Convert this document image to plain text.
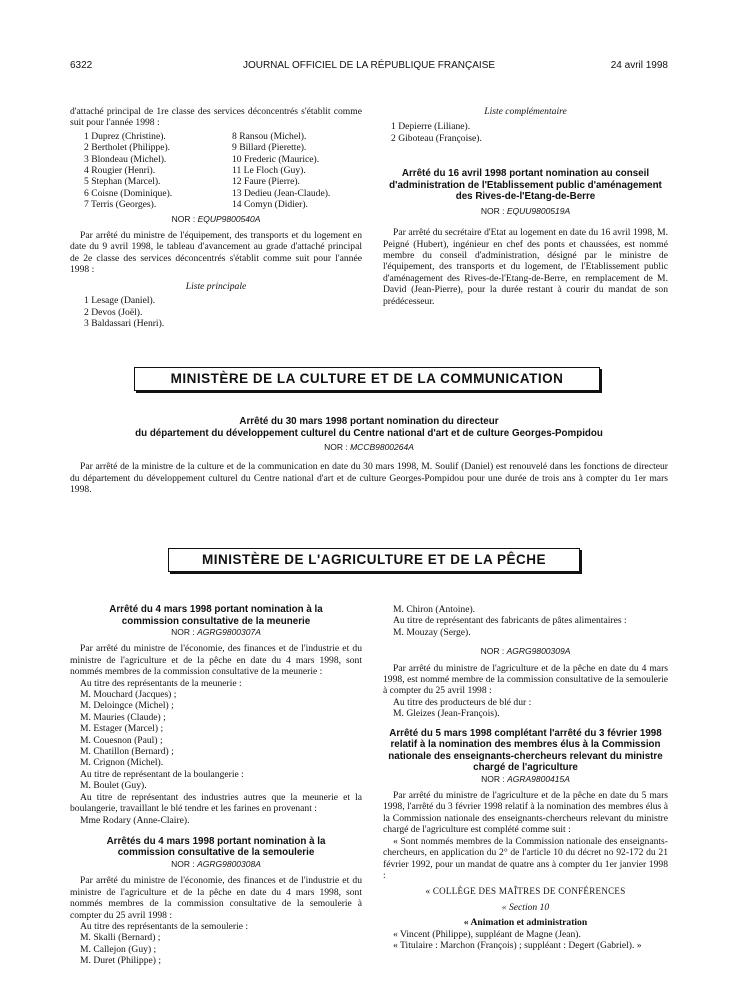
6322	JOURNAL OFFICIEL DE LA RÉPUBLIQUE FRANÇAISE	24 avril 1998

d'attaché principal de 1re classe des services déconcentrés s'établit comme suit pour l'année 1998 :

1 Duprez (Christine).
2 Bertholet (Philippe).
3 Blondeau (Michel).
4 Rougier (Henri).
5 Stephan (Marcel).
6 Coisne (Dominique).
7 Terris (Georges).
8 Ransou (Michel).
9 Billard (Pierette).
10 Frederic (Maurice).
11 Le Floch (Guy).
12 Faure (Pierre).
13 Dedieu (Jean-Claude).
14 Comyn (Didier).

NOR : EQUP9800540A

Par arrêté du ministre de l'équipement, des transports et du logement en date du 9 avril 1998, le tableau d'avancement au grade d'attaché principal de 2e classe des services déconcentrés s'établit comme suit pour l'année 1998 :

Liste principale

1 Lesage (Daniel).
2 Devos (Joël).
3 Baldassari (Henri).

Liste complémentaire

1 Depierre (Liliane).
2 Giboteau (Françoise).

Arrêté du 16 avril 1998 portant nomination au conseil d'administration de l'Etablissement public d'aménagement des Rives-de-l'Etang-de-Berre

NOR : EQUU9800519A

Par arrêté du secrétaire d'Etat au logement en date du 16 avril 1998, M. Peigné (Hubert), ingénieur en chef des ponts et chaussées, est nommé membre du conseil d'administration, désigné par le ministre de l'équipement, des transports et du logement, de l'Etablissement public d'aménagement des Rives-de-l'Etang-de-Berre, en remplacement de M. David (Jean-Pierre), pour la durée restant à courir du mandat de son prédécesseur.

MINISTÈRE DE LA CULTURE ET DE LA COMMUNICATION

Arrêté du 30 mars 1998 portant nomination du directeur

du département du développement culturel du Centre national d'art et de culture Georges-Pompidou

NOR : MCCB9800264A

Par arrêté de la ministre de la culture et de la communication en date du 30 mars 1998, M. Soulif (Daniel) est renouvelé dans les fonctions de directeur du département du développement culturel du Centre national d'art et de culture Georges-Pompidou pour une durée de trois ans à compter du 1er mars 1998.

MINISTÈRE DE L'AGRICULTURE ET DE LA PÊCHE

Arrêté du 4 mars 1998 portant nomination à la commission consultative de la meunerie

NOR : AGRG9800307A

Par arrêté du ministre de l'économie, des finances et de l'industrie et du ministre de l'agriculture et de la pêche en date du 4 mars 1998, sont nommés membres de la commission consultative de la meunerie :

Au titre des représentants de la meunerie :

M. Mouchard (Jacques) ;
M. Deloingce (Michel) ;
M. Mauries (Claude) ;
M. Estager (Marcel) ;
M. Couesnon (Paul) ;
M. Chatillon (Bernard) ;
M. Crignon (Michel).

Au titre de représentant de la boulangerie :

M. Boulet (Guy).

Au titre de représentant des industries autres que la meunerie et la boulangerie, travaillant le blé tendre et les farines en provenant :

Mme Rodary (Anne-Claire).

Arrêtés du 4 mars 1998 portant nomination à la commission consultative de la semoulerie

NOR : AGRG9800308A

Par arrêté du ministre de l'économie, des finances et de l'industrie et du ministre de l'agriculture et de la pêche en date du 4 mars 1998, sont nommés membres de la commission consultative de la semoulerie à compter du 25 avril 1998 :

Au titre des représentants de la semoulerie :

M. Skalli (Bernard) ;
M. Callejon (Guy) ;
M. Duret (Philippe) ;
M. Chiron (Antoine).

Au titre de représentant des fabricants de pâtes alimentaires :

M. Mouzay (Serge).

NOR : AGRG9800309A

Par arrêté du ministre de l'agriculture et de la pêche en date du 4 mars 1998, est nommé membre de la commission consultative de la semoulerie à compter du 25 avril 1998 :

Au titre des producteurs de blé dur :

M. Gleizes (Jean-François).

Arrêté du 5 mars 1998 complétant l'arrêté du 3 février 1998 relatif à la nomination des membres élus à la Commission nationale des enseignants-chercheurs relevant du ministre chargé de l'agriculture

NOR : AGRA9800415A

Par arrêté du ministre de l'agriculture et de la pêche en date du 5 mars 1998, l'arrêté du 3 février 1998 relatif à la nomination des membres élus à la Commission nationale des enseignants-chercheurs relevant du ministre chargé de l'agriculture est complété comme suit :

« Sont nommés membres de la Commission nationale des enseignants-chercheurs, en application du 2° de l'article 10 du décret no 92-172 du 21 février 1992, pour un mandat de quatre ans à compter du 1er janvier 1998 :

« COLLÈGE DES MAÎTRES DE CONFÉRENCES

« Section 10

« Animation et administration

« Vincent (Philippe), suppléant de Magne (Jean).

« Titulaire : Marchon (François) ; suppléant : Degert (Gabriel). »
